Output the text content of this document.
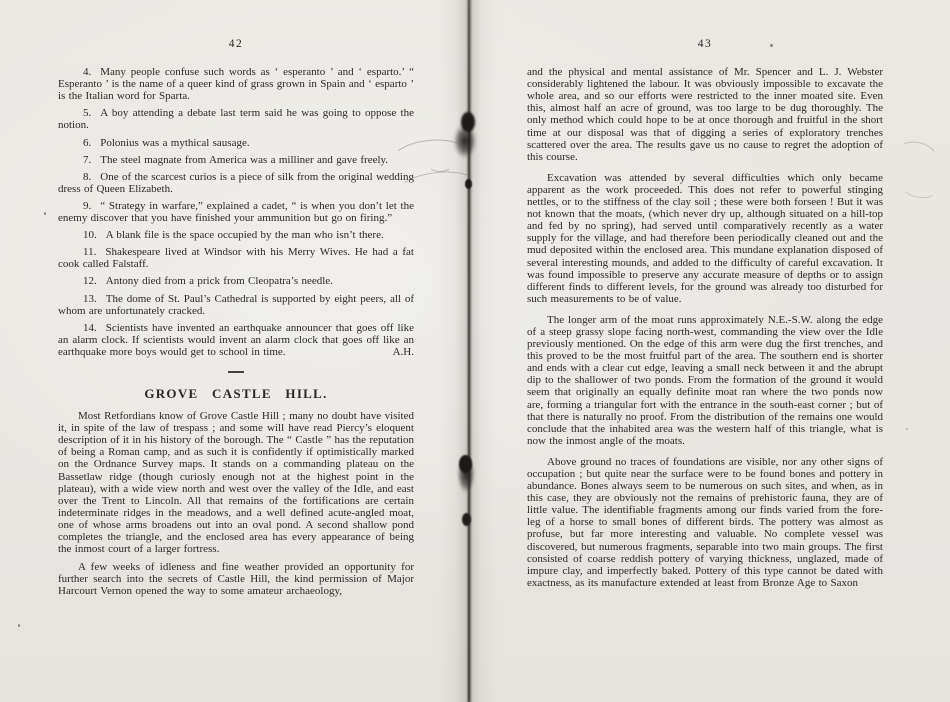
42

4. Many people confuse such words as ‘ esperanto ’ and ‘ esparto.’ “ Esperanto ’ is the name of a queer kind of grass grown in Spain and ‘ esparto ’ is the Italian word for Sparta.

5. A boy attending a debate last term said he was going to oppose the notion.

6. Polonius was a mythical sausage.

7. The steel magnate from America was a milliner and gave freely.

8. One of the scarcest curios is a piece of silk from the original wedding dress of Queen Elizabeth.

9. “ Strategy in warfare,” explained a cadet, “ is when you don’t let the enemy discover that you have finished your ammunition but go on firing.”

10. A blank file is the space occupied by the man who isn’t there.

11. Shakespeare lived at Windsor with his Merry Wives. He had a fat cook called Falstaff.

12. Antony died from a prick from Cleopatra’s needle.

13. The dome of St. Paul’s Cathedral is supported by eight peers, all of whom are unfortunately cracked.

14. Scientists have invented an earthquake announcer that goes off like an alarm clock. If scientists would invent an alarm clock that goes off like an earthquake more boys would get to school in time.	A.H.

GROVE CASTLE HILL.

Most Retfordians know of Grove Castle Hill ; many no doubt have visited it, in spite of the law of trespass ; and some will have read Piercy’s eloquent description of it in his history of the borough. The “ Castle ” has the reputation of being a Roman camp, and as such it is confidently if optimistically marked on the Ordnance Survey maps. It stands on a commanding plateau on the Bassetlaw ridge (though curiosly enough not at the highest point in the plateau), with a wide view north and west over the valley of the Idle, and east over the Trent to Lincoln. All that remains of the fortifications are certain indeterminate ridges in the meadows, and a well defined acute-angled moat, one of whose arms broadens out into an oval pond. A second shallow pond completes the triangle, and the enclosed area has every appearance of being the inmost court of a larger fortress.

A few weeks of idleness and fine weather provided an opportunity for further search into the secrets of Castle Hill, the kind permission of Major Harcourt Vernon opened the way to some amateur archaeology,

43

and the physical and mental assistance of Mr. Spencer and L. J. Webster considerably lightened the labour. It was obviously impossible to excavate the whole area, and so our efforts were restricted to the inner moated site. Even this, almost half an acre of ground, was too large to be dug thoroughly. The only method which could hope to be at once thorough and fruitful in the short time at our disposal was that of digging a series of exploratory trenches scattered over the area. The results gave us no cause to regret the adoption of this course.

Excavation was attended by several difficulties which only became apparent as the work proceeded. This does not refer to powerful stinging nettles, or to the stiffness of the clay soil ; these were both forseen ! But it was not known that the moats, (which never dry up, although situated on a hill-top and fed by no spring), had served until comparatively recently as a water supply for the village, and had therefore been periodically cleaned out and the mud deposited within the enclosed area. This mundane explanation disposed of several interesting mounds, and added to the difficulty of careful excavation. It was found impossible to preserve any accurate measure of depths or to assign different finds to different levels, for the ground was already too disturbed for such measurements to be of value.

The longer arm of the moat runs approximately N.E.-S.W. along the edge of a steep grassy slope facing north-west, commanding the view over the Idle previously mentioned. On the edge of this arm were dug the first trenches, and this proved to be the most fruitful part of the area. The southern end is shorter and ends with a clear cut edge, leaving a small neck between it and the abrupt dip to the shallower of two ponds. From the formation of the ground it would seem that originally an equally definite moat ran where the two ponds now are, forming a triangular fort with the entrance in the south-east corner ; but of that there is naturally no proof. From the distribution of the remains one would conclude that the inhabited area was the western half of this triangle, what is now the inmost angle of the moats.

Above ground no traces of foundations are visible, nor any other signs of occupation ; but quite near the surface were to be found bones and pottery in abundance. Bones always seem to be numerous on such sites, and when, as in this case, they are obviously not the remains of prehistoric fauna, they are of little value. The identifiable fragments among our finds varied from the fore-leg of a horse to small bones of different birds. The pottery was almost as profuse, but far more interesting and valuable. No complete vessel was discovered, but numerous fragments, separable into two main groups. The first consisted of coarse reddish pottery of varying thickness, unglazed, made of impure clay, and imperfectly baked. Pottery of this type cannot be dated with exactness, as its manufacture extended at least from Bronze Age to Saxon
